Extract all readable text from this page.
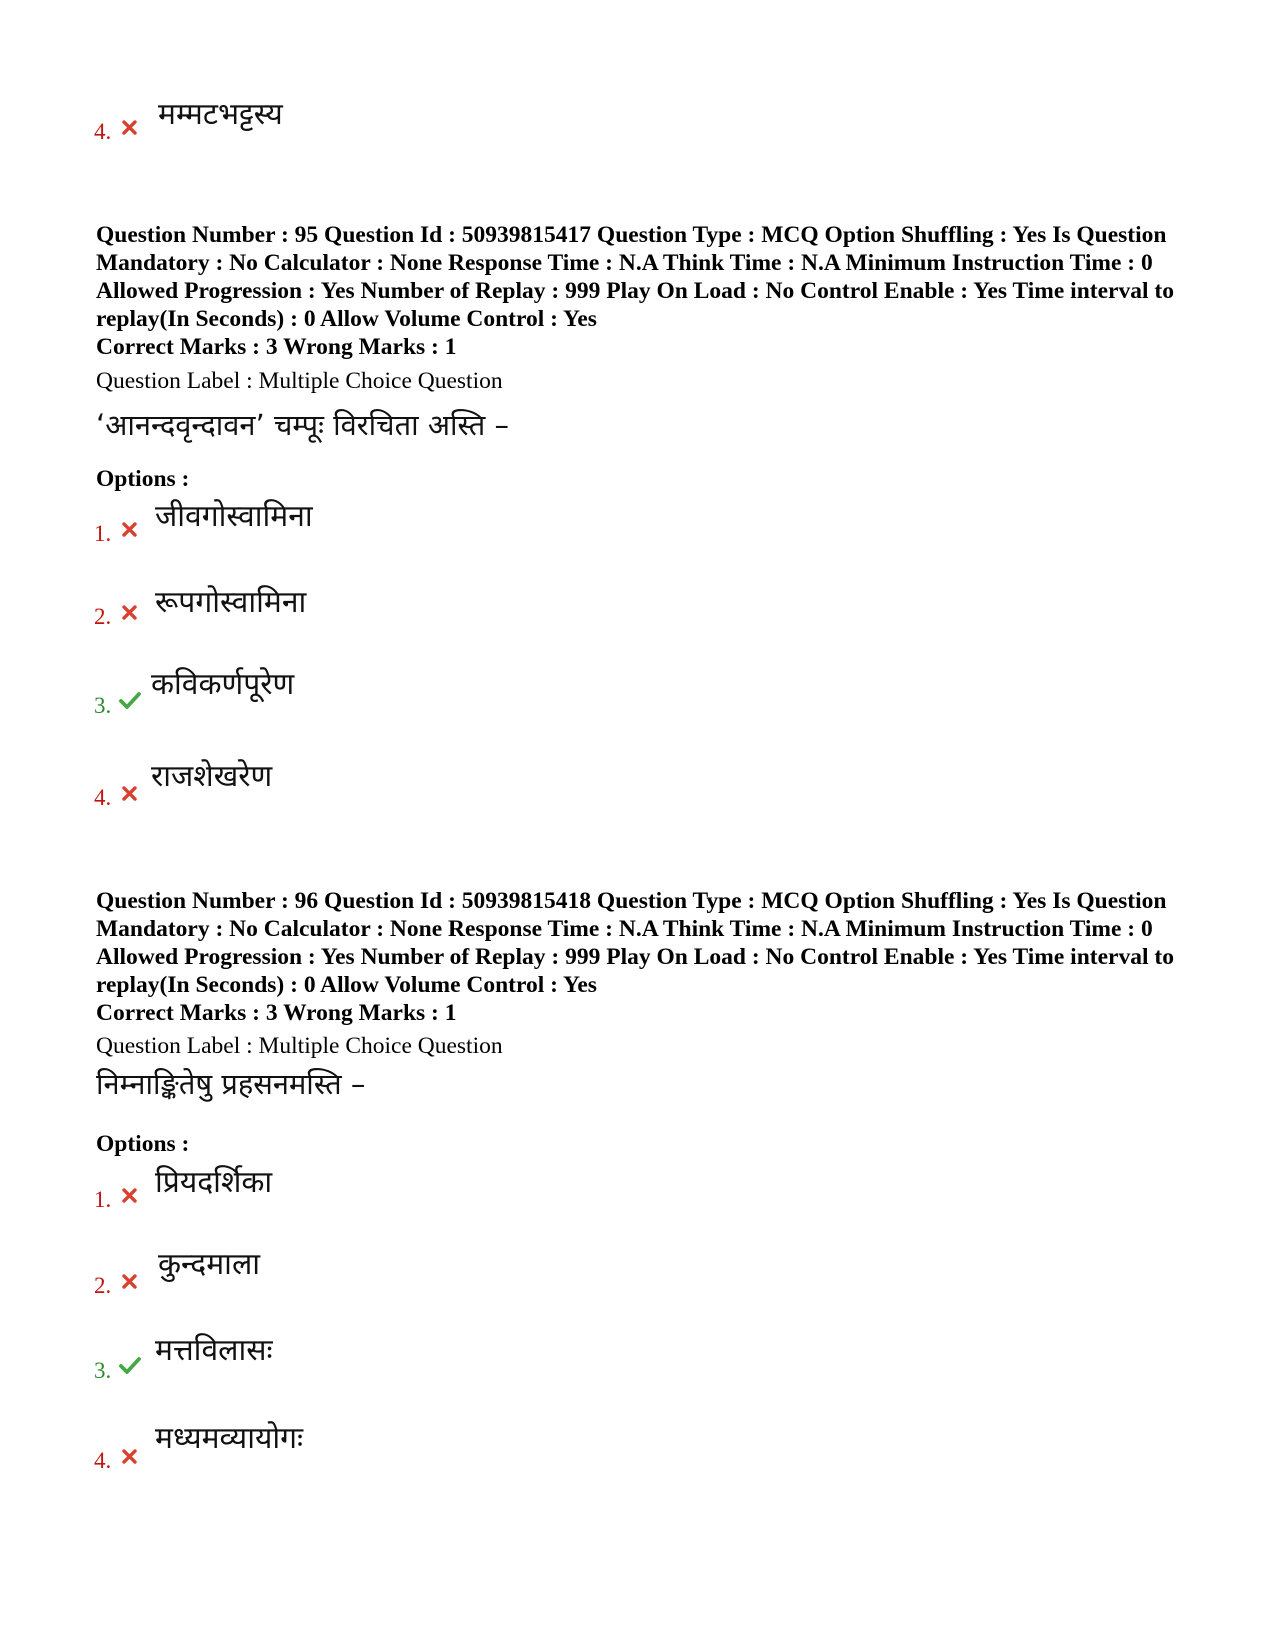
4. मम्मटभट्टस्य
Question Number : 95 Question Id : 50939815417 Question Type : MCQ Option Shuffling : Yes Is Question Mandatory : No Calculator : None Response Time : N.A Think Time : N.A Minimum Instruction Time : 0 Allowed Progression : Yes Number of Replay : 999 Play On Load : No Control Enable : Yes Time interval to replay(In Seconds) : 0 Allow Volume Control : Yes
Correct Marks : 3 Wrong Marks : 1
Question Label : Multiple Choice Question
‘आनन्दवृन्दावन’ चम्पूः विरचिता अस्ति –
Options :
1. जीवगोस्वामिना
2. रूपगोस्वामिना
3.
कविकर्णपूरेण
4.
राजशेखरेण
Question Number : 96 Question Id : 50939815418 Question Type : MCQ Option Shuffling : Yes Is Question Mandatory : No Calculator : None Response Time : N.A Think Time : N.A Minimum Instruction Time : 0 Allowed Progression : Yes Number of Replay : 999 Play On Load : No Control Enable : Yes Time interval to replay(In Seconds) : 0 Allow Volume Control : Yes
Correct Marks : 3 Wrong Marks : 1
Question Label : Multiple Choice Question
निम्नाङ्कितेषु प्रहसनमस्ति –
Options :
1. प्रियदर्शिका
2.
कुन्दमाला
3.
मत्तविलासः
4.
मध्यमव्यायोगः
